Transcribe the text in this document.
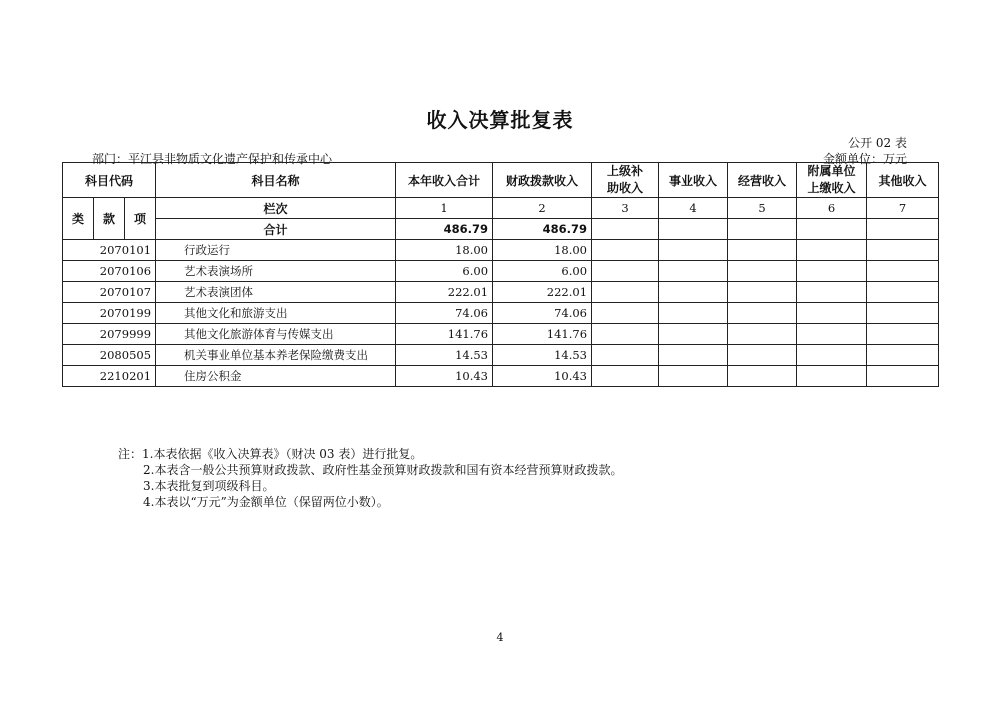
收入决算批复表
公开 02 表
部门：平江县非物质文化遗产保护和传承中心	金额单位：万元
科目代码			科目名称	本年收入合计	财政拨款收入	上级补助收入	事业收入	经营收入	附属单位上缴收入	其他收入
类	款	项	栏次	1	2	3	4	5	6	7
			合计	486.79	486.79					
2070101			行政运行	18.00	18.00					
2070106			艺术表演场所	6.00	6.00					
2070107			艺术表演团体	222.01	222.01					
2070199			其他文化和旅游支出	74.06	74.06					
2079999			其他文化旅游体育与传媒支出	141.76	141.76					
2080505			机关事业单位基本养老保险缴费支出	14.53	14.53					
2210201			住房公积金	10.43	10.43					
注：1.本表依据《收入决算表》（财决 03 表）进行批复。
2.本表含一般公共预算财政拨款、政府性基金预算财政拨款和国有资本经营预算财政拨款。
3.本表批复到项级科目。
4.本表以“万元”为金额单位（保留两位小数）。
4
